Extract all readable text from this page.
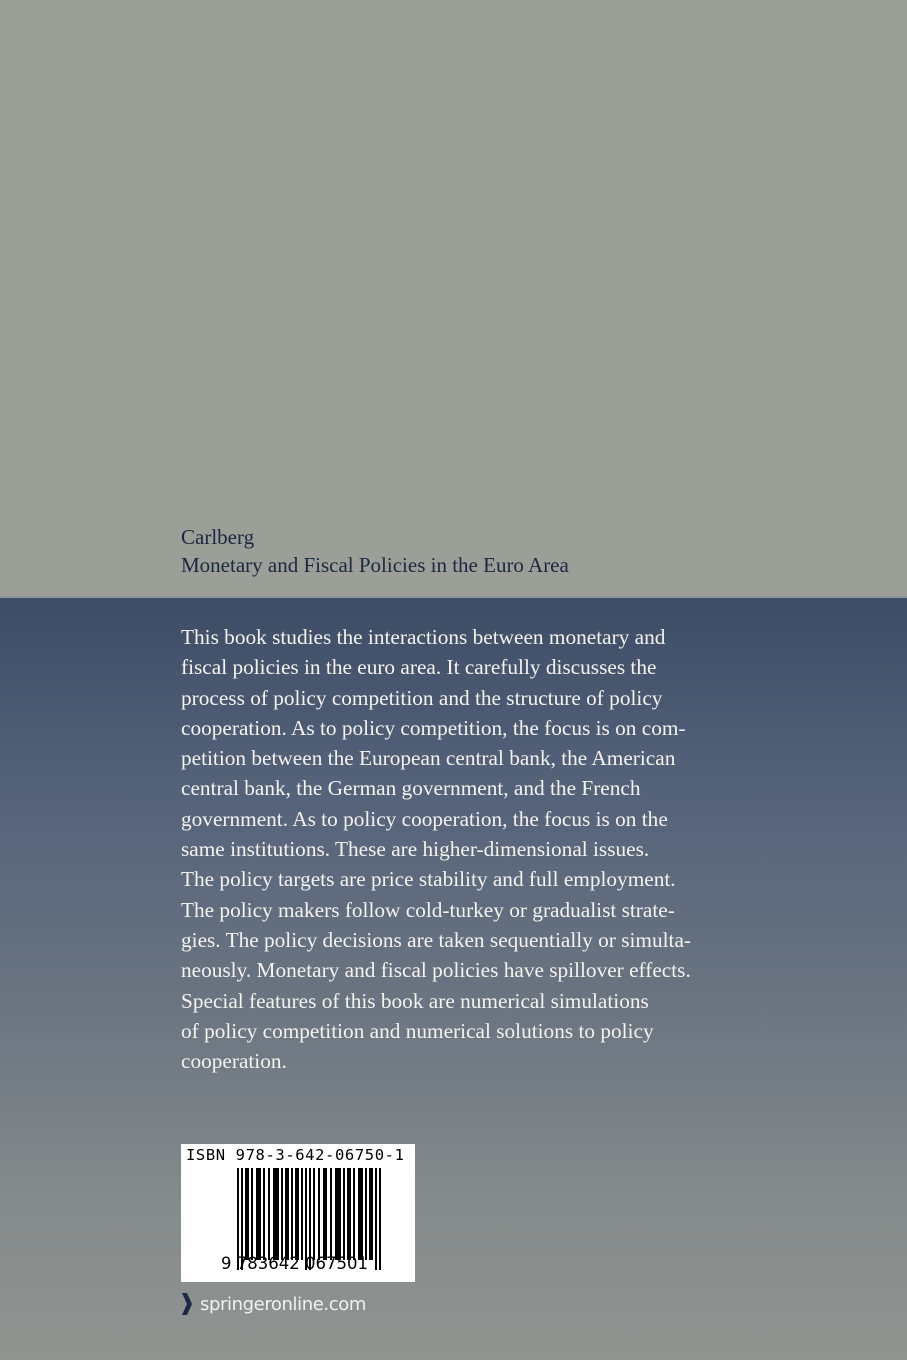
Carlberg
Monetary and Fiscal Policies in the Euro Area
This book studies the interactions between monetary and
fiscal policies in the euro area. It carefully discusses the
process of policy competition and the structure of policy
cooperation. As to policy competition, the focus is on com-
petition between the European central bank, the American
central bank, the German government, and the French
government. As to policy cooperation, the focus is on the
same institutions. These are higher-dimensional issues.
The policy targets are price stability and full employment.
The policy makers follow cold-turkey or gradualist strate-
gies. The policy decisions are taken sequentially or simulta-
neously. Monetary and fiscal policies have spillover effects.
Special features of this book are numerical simulations
of policy competition and numerical solutions to policy
cooperation.
ISBN 978-3-642-06750-1
9 783642 067501
springeronline.com
